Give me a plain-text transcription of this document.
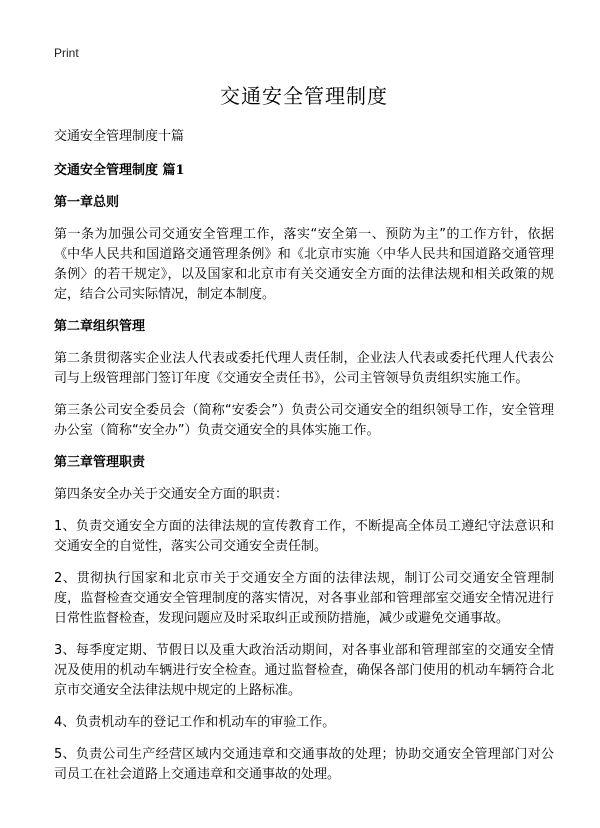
Print
交通安全管理制度
交通安全管理制度十篇
交通安全管理制度 篇1
第一章总则

第一条为加强公司交通安全管理工作，落实“安全第一、预防为主”的工作方针，依据《中华人民共和国道路交通管理条例》和《北京市实施〈中华人民共和国道路交通管理条例〉的若干规定》，以及国家和北京市有关交通安全方面的法律法规和相关政策的规定，结合公司实际情况，制定本制度。

第二章组织管理

第二条贯彻落实企业法人代表或委托代理人责任制，企业法人代表或委托代理人代表公司与上级管理部门签订年度《交通安全责任书》，公司主管领导负责组织实施工作。

第三条公司安全委员会（简称“安委会”）负责公司交通安全的组织领导工作，安全管理办公室（简称“安全办”）负责交通安全的具体实施工作。

第三章管理职责

第四条安全办关于交通安全方面的职责：

1、负责交通安全方面的法律法规的宣传教育工作，不断提高全体员工遵纪守法意识和交通安全的自觉性，落实公司交通安全责任制。

2、贯彻执行国家和北京市关于交通安全方面的法律法规，制订公司交通安全管理制度，监督检查交通安全管理制度的落实情况，对各事业部和管理部室交通安全情况进行日常性监督检查，发现问题应及时采取纠正或预防措施，减少或避免交通事故。

3、每季度定期、节假日以及重大政治活动期间，对各事业部和管理部室的交通安全情况及使用的机动车辆进行安全检查。通过监督检查，确保各部门使用的机动车辆符合北京市交通安全法律法规中规定的上路标准。

4、负责机动车的登记工作和机动车的审验工作。

5、负责公司生产经营区域内交通违章和交通事故的处理；协助交通安全管理部门对公司员工在社会道路上交通违章和交通事故的处理。
